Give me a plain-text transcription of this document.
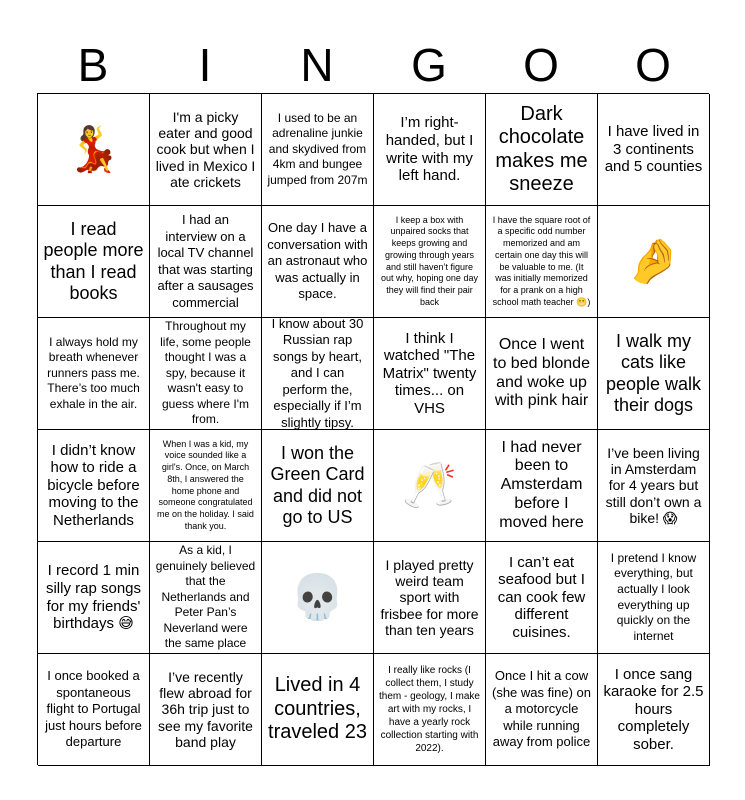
B	I	N	G	O	O
💃
I'm a picky eater and good cook but when I lived in Mexico I ate crickets
I used to be an adrenaline junkie and skydived from 4km and bungee jumped from 207m
I’m right-handed, but I write with my left hand.
Dark chocolate makes me sneeze
I have lived in 3 continents and 5 counties
I read people more than I read books
I had an interview on a local TV channel that was starting after a sausages commercial
One day I have a conversation with an astronaut who was actually in space.
I keep a box with unpaired socks that keeps growing and growing through years and still haven’t figure out why, hoping one day they will find their pair back
I have the square root of a specific odd number memorized and am certain one day this will be valuable to me. (It was initially memorized for a prank on a high school math teacher 😬)
🤌
I always hold my breath whenever runners pass me. There’s too much exhale in the air.
Throughout my life, some people thought I was a spy, because it wasn't easy to guess where I'm from.
I know about 30 Russian rap songs by heart, and I can perform the, especially if I’m slightly tipsy.
I think I watched "The Matrix" twenty times... on VHS
Once I went to bed blonde and woke up with pink hair
I walk my cats like people walk their dogs
I didn’t know how to ride a bicycle before moving to the Netherlands
When I was a kid, my voice sounded like a girl's. Once, on March 8th, I answered the home phone and someone congratulated me on the holiday. I said thank you.
I won the Green Card and did not go to US
🥂
I had never been to Amsterdam before I moved here
I’ve been living in Amsterdam for 4 years but still don’t own a bike! 😱
I record 1 min silly rap songs for my friends' birthdays 😅
As a kid, I genuinely believed that the Netherlands and Peter Pan’s Neverland were the same place
💀
I played pretty weird team sport with frisbee for more than ten years
I can’t eat seafood but I can cook few different cuisines.
I pretend I know everything, but actually I look everything up quickly on the internet
I once booked a spontaneous flight to Portugal just hours before departure
I’ve recently flew abroad for 36h trip just to see my favorite band play
Lived in 4 countries, traveled 23
I really like rocks (I collect them, I study them - geology, I make art with my rocks, I have a yearly rock collection starting with 2022).
Once I hit a cow (she was fine) on a motorcycle while running away from police
I once sang karaoke for 2.5 hours completely sober.
